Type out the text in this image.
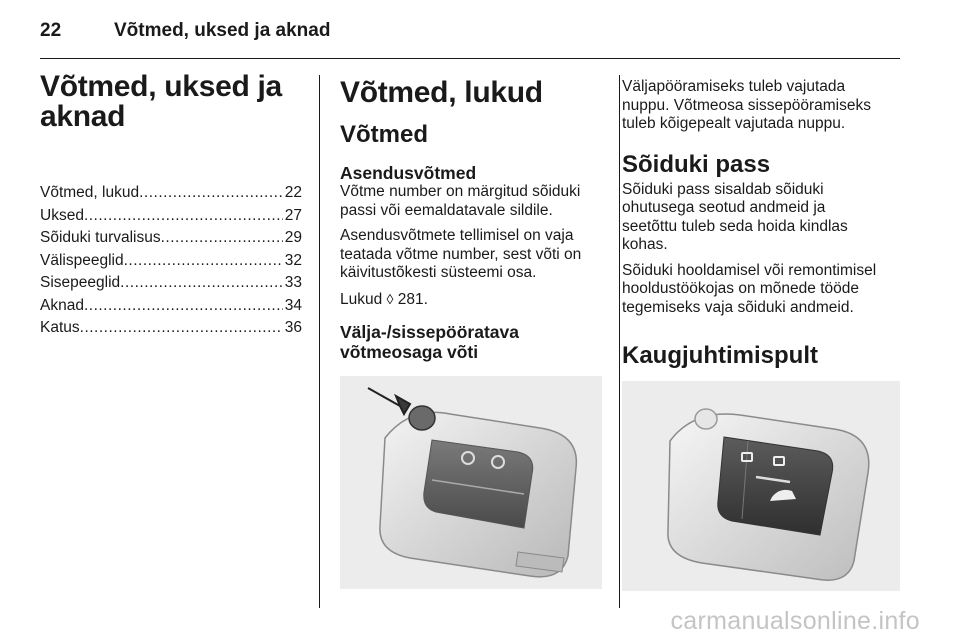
22	Võtmed, uksed ja aknad
Võtmed, uksed ja
aknad
Võtmed, lukud .....	22
Uksed .....	27
Sõiduki turvalisus .....	29
Välispeeglid .....	32
Sisepeeglid .....	33
Aknad .....	34
Katus .....	36
Võtmed, lukud
Võtmed
Asendusvõtmed
Võtme number on märgitud sõiduki
passi või eemaldatavale sildile.
Asendusvõtmete tellimisel on vaja
teatada võtme number, sest võti on
käivitustõkesti süsteemi osa.
Lukud ◊ 281.
Välja-/sissepööratava
võtmeosaga võti
Väljapööramiseks tuleb vajutada
nuppu. Võtmeosa sissepööramiseks
tuleb kõigepealt vajutada nuppu.
Sõiduki pass
Sõiduki pass sisaldab sõiduki
ohutusega seotud andmeid ja
seetõttu tuleb seda hoida kindlas
kohas.
Sõiduki hooldamisel või remontimisel
hooldustöökojas on mõnede tööde
tegemiseks vaja sõiduki andmeid.
Kaugjuhtimispult
carmanualsonline.info
